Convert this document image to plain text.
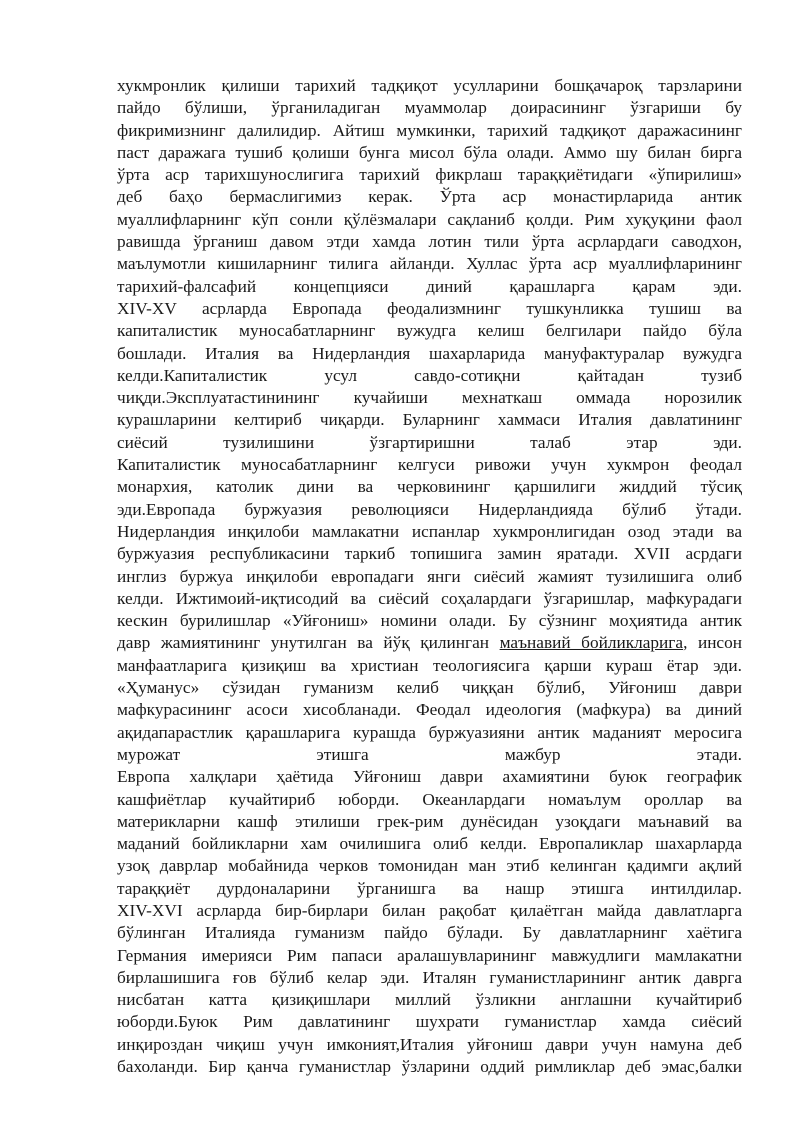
хукмронлик қилиши тарихий тадқиқот усулларини бошқачароқ тарзларини
пайдо бўлиши, ўрганиладиган муаммолар доирасининг ўзгариши бу
фикримизнинг далилидир. Айтиш мумкинки, тарихий тадқиқот даражасининг
паст даражага тушиб қолиши бунга мисол бўла олади. Аммо шу билан бирга
ўрта аср тарихшунослигига тарихий фикрлаш тараққиётидаги «ўпирилиш»
деб баҳо бермаслигимиз керак. Ўрта аср монастирларида антик
муаллифларнинг кўп сонли қўлёзмалари сақланиб қолди. Рим хуқуқини фаол
равишда ўрганиш давом этди хамда лотин тили ўрта асрлардаги саводхон,
маълумотли кишиларнинг тилига айланди. Хуллас ўрта аср муаллифларининг
тарихий-фалсафий концепцияси диний қарашларга қарам эди.
XIV-XV асрларда Европада феодализмнинг тушкунликка тушиш ва
капиталистик муносабатларнинг вужудга келиш белгилари пайдо бўла
бошлади. Италия ва Нидерландия шахарларида мануфактуралар вужудга
келди.Капиталистик усул савдо-сотиқни қайтадан тузиб
чиқди.Эксплуатастинининг кучайиши мехнаткаш оммада норозилик
курашларини келтириб чиқарди. Буларнинг хаммаси Италия давлатининг
сиёсий тузилишини ўзгартиришни талаб этар эди.
Капиталистик муносабатларнинг келгуси ривожи учун хукмрон феодал
монархия, католик дини ва черковининг қаршилиги жиддий тўсиқ
эди.Европада буржуазия революцияси Нидерландияда бўлиб ўтади.
Нидерландия инқилоби мамлакатни испанлар хукмронлигидан озод этади ва
буржуазия республикасини таркиб топишига замин яратади. XVII асрдаги
инглиз буржуа инқилоби европадаги янги сиёсий жамият тузилишига олиб
келди. Ижтимоий-иқтисодий ва сиёсий соҳалардаги ўзгаришлар, мафкурадаги
кескин бурилишлар «Уйғониш» номини олади. Бу сўзнинг моҳиятида антик
давр жамиятининг унутилган ва йўқ қилинган маънавий бойликларига, инсон
манфаатларига қизиқиш ва христиан теологиясига қарши кураш ётар эди.
«Ҳуманус» сўзидан гуманизм келиб чиққан бўлиб, Уйғониш даври
мафкурасининг асоси хисобланади. Феодал идеология (мафкура) ва диний
ақидапарастлик қарашларига курашда буржуазияни антик маданият меросига
мурожат этишга мажбур этади.
Европа халқлари ҳаётида Уйғониш даври ахамиятини буюк географик
кашфиётлар кучайтириб юборди. Океанлардаги номаълум ороллар ва
материкларни кашф этилиши грек-рим дунёсидан узоқдаги маънавий ва
маданий бойликларни хам очилишига олиб келди. Европаликлар шахарларда
узоқ даврлар мобайнида черков томонидан ман этиб келинган қадимги ақлий
тараққиёт дурдоналарини ўрганишга ва нашр этишга интилдилар.
XIV-XVI асрларда бир-бирлари билан рақобат қилаётган майда давлатларга
бўлинган Италияда гуманизм пайдо бўлади. Бу давлатларнинг хаётига
Германия имерияси Рим папаси аралашувларининг мавжудлиги мамлакатни
бирлашишига ғов бўлиб келар эди. Италян гуманистларининг антик даврга
нисбатан катта қизиқишлари миллий ўзликни англашни кучайтириб
юборди.Буюк Рим давлатининг шухрати гуманистлар хамда сиёсий
инқироздан чиқиш учун имконият,Италия уйғониш даври учун намуна деб
бахоланди. Бир қанча гуманистлар ўзларини оддий римликлар деб эмас,балки
